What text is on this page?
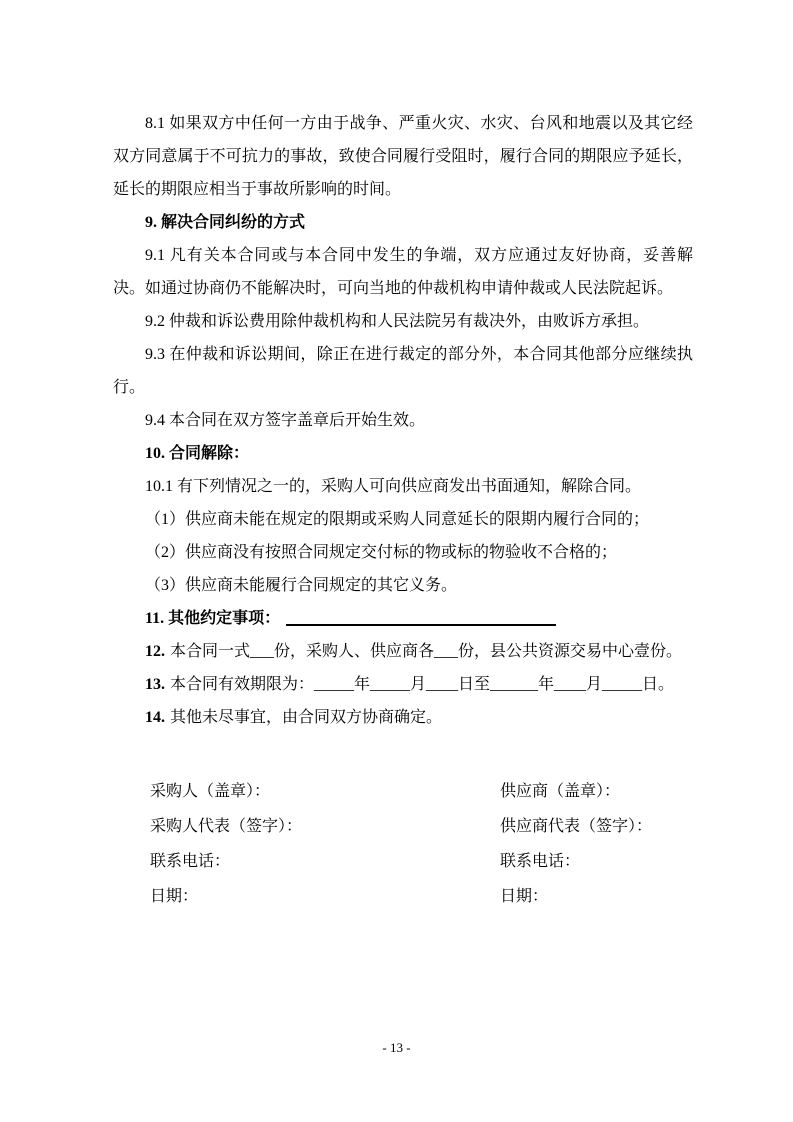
8.1 如果双方中任何一方由于战争、严重火灾、水灾、台风和地震以及其它经双方同意属于不可抗力的事故，致使合同履行受阻时，履行合同的期限应予延长，延长的期限应相当于事故所影响的时间。

9. 解决合同纠纷的方式

9.1 凡有关本合同或与本合同中发生的争端，双方应通过友好协商，妥善解决。如通过协商仍不能解决时，可向当地的仲裁机构申请仲裁或人民法院起诉。

9.2 仲裁和诉讼费用除仲裁机构和人民法院另有裁决外，由败诉方承担。

9.3 在仲裁和诉讼期间，除正在进行裁定的部分外，本合同其他部分应继续执行。

9.4 本合同在双方签字盖章后开始生效。

10. 合同解除：

10.1 有下列情况之一的，采购人可向供应商发出书面通知，解除合同。

（1）供应商未能在规定的限期或采购人同意延长的限期内履行合同的；

（2）供应商没有按照合同规定交付标的物或标的物验收不合格的；

（3）供应商未能履行合同规定的其它义务。

11. 其他约定事项：

12. 本合同一式___份，采购人、供应商各___份，县公共资源交易中心壹份。

13. 本合同有效期限为：_____年_____月____日至______年____月_____日。

14. 其他未尽事宜，由合同双方协商确定。

采购人（盖章）：

采购人代表（签字）：

联系电话：

日期：

供应商（盖章）：

供应商代表（签字）：

联系电话：

日期：

- 13 -
